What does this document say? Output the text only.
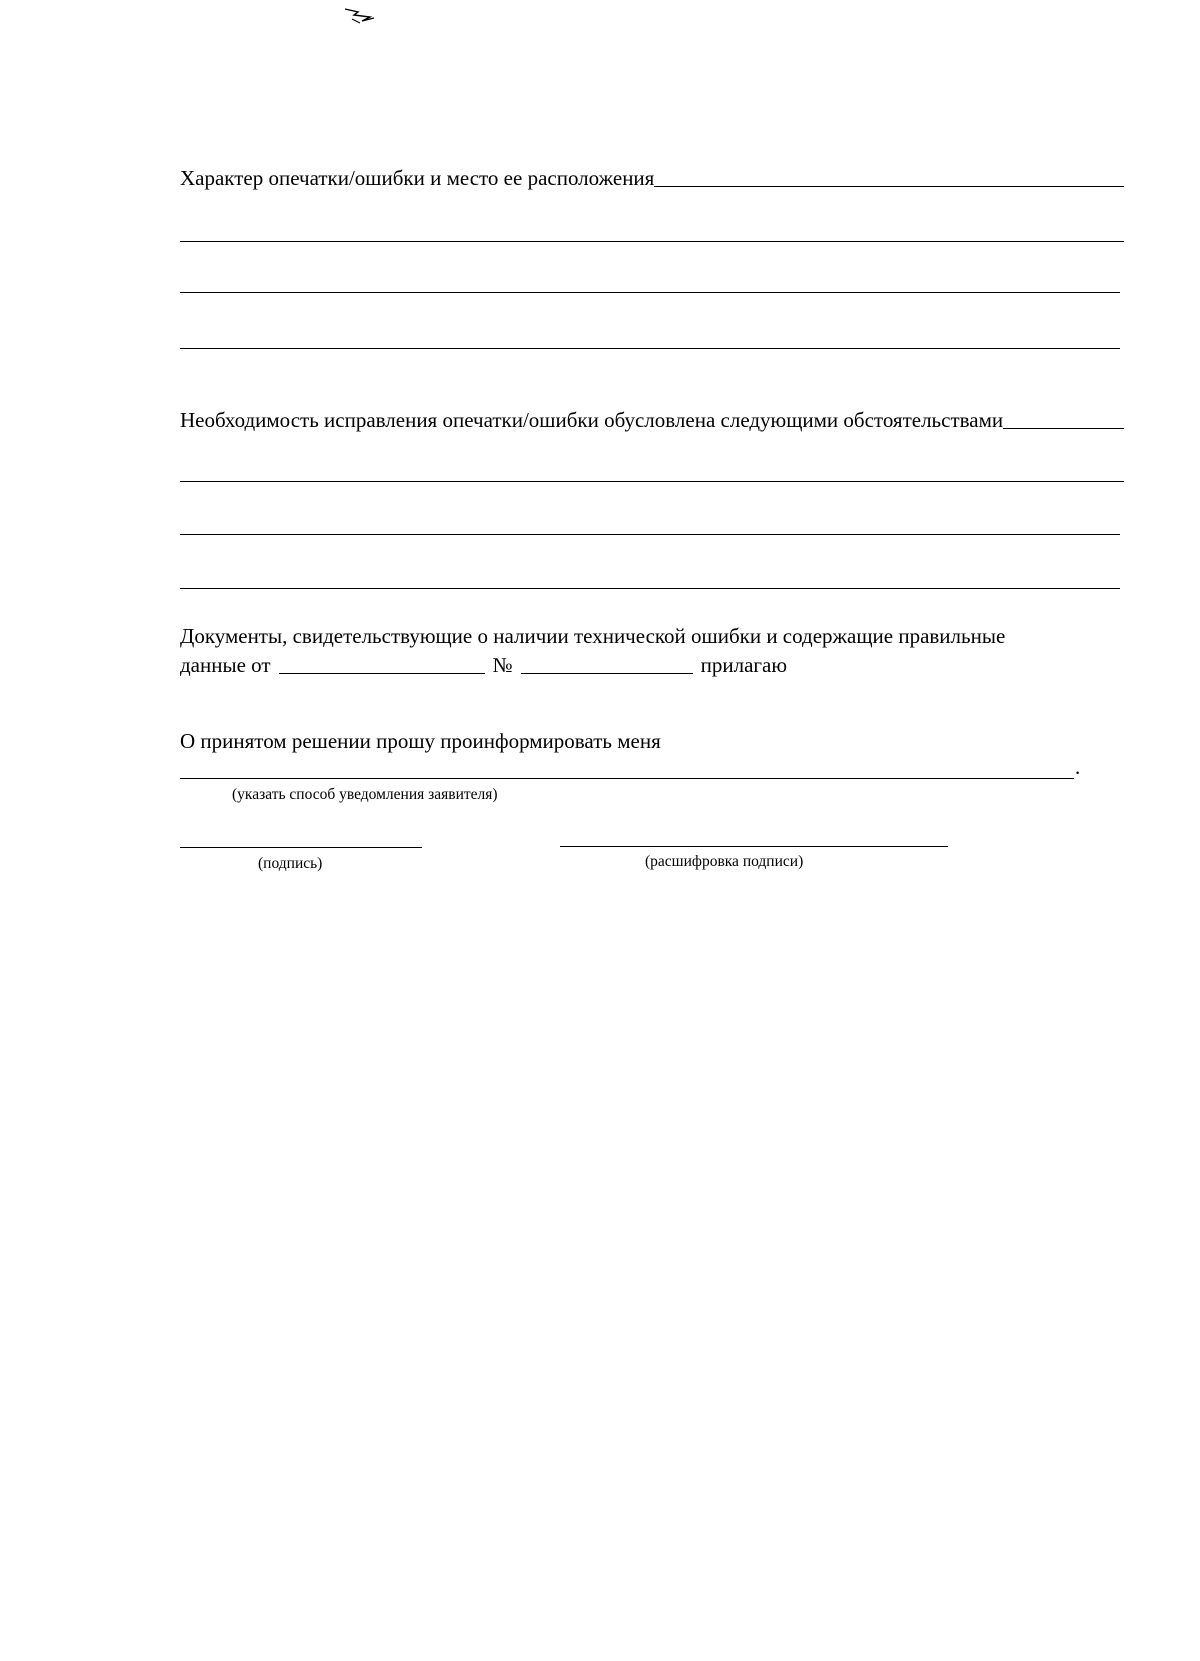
Характер опечатки/ошибки и место ее расположения
Необходимость исправления опечатки/ошибки обусловлена следующими обстоятельствами
Документы, свидетельствующие о наличии технической ошибки и содержащие правильные
данные от	№	прилагаю
О принятом решении прошу проинформировать меня
.
(указать способ уведомления заявителя)
(подпись)	(расшифровка подписи)
